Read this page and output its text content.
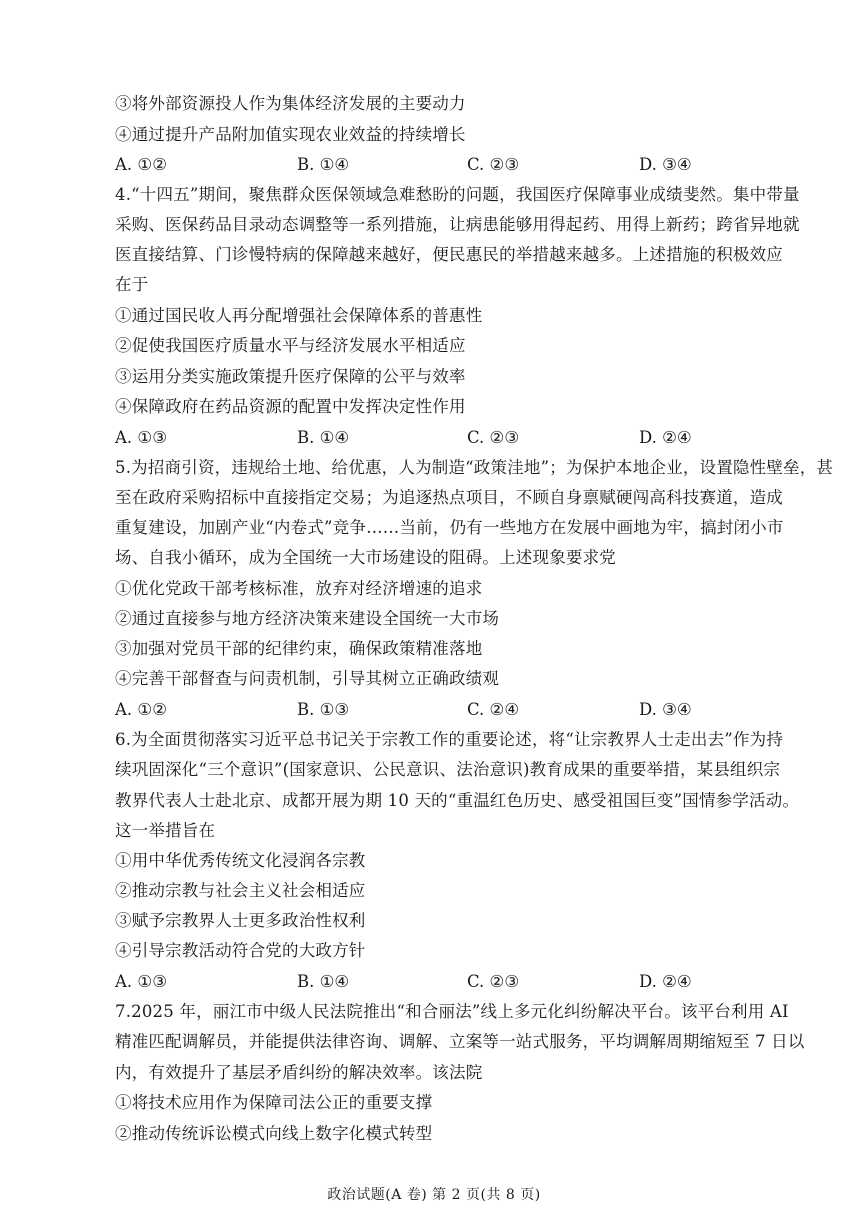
③将外部资源投人作为集体经济发展的主要动力
④通过提升产品附加值实现农业效益的持续增长
A. ①②	B. ①④	C. ②③	D. ③④
4.“十四五”期间，聚焦群众医保领域急难愁盼的问题，我国医疗保障事业成绩斐然。集中带量
采购、医保药品目录动态调整等一系列措施，让病患能够用得起药、用得上新药；跨省异地就
医直接结算、门诊慢特病的保障越来越好，便民惠民的举措越来越多。上述措施的积极效应
在于
①通过国民收人再分配增强社会保障体系的普惠性
②促使我国医疗质量水平与经济发展水平相适应
③运用分类实施政策提升医疗保障的公平与效率
④保障政府在药品资源的配置中发挥决定性作用
A. ①③	B. ①④	C. ②③	D. ②④
5.为招商引资，违规给土地、给优惠，人为制造“政策洼地”；为保护本地企业，设置隐性壁垒，甚
至在政府采购招标中直接指定交易；为追逐热点项目，不顾自身禀赋硬闯高科技赛道，造成
重复建设，加剧产业“内卷式”竞争……当前，仍有一些地方在发展中画地为牢，搞封闭小市
场、自我小循环，成为全国统一大市场建设的阻碍。上述现象要求党
①优化党政干部考核标准，放弃对经济增速的追求
②通过直接参与地方经济决策来建设全国统一大市场
③加强对党员干部的纪律约束，确保政策精准落地
④完善干部督查与问责机制，引导其树立正确政绩观
A. ①②	B. ①③	C. ②④	D. ③④
6.为全面贯彻落实习近平总书记关于宗教工作的重要论述，将“让宗教界人士走出去”作为持
续巩固深化“三个意识”(国家意识、公民意识、法治意识)教育成果的重要举措，某县组织宗
教界代表人士赴北京、成都开展为期 10 天的“重温红色历史、感受祖国巨变”国情参学活动。
这一举措旨在
①用中华优秀传统文化浸润各宗教
②推动宗教与社会主义社会相适应
③赋予宗教界人士更多政治性权利
④引导宗教活动符合党的大政方针
A. ①③	B. ①④	C. ②③	D. ②④
7.2025 年，丽江市中级人民法院推出“和合丽法”线上多元化纠纷解决平台。该平台利用 AI
精准匹配调解员，并能提供法律咨询、调解、立案等一站式服务，平均调解周期缩短至 7 日以
内，有效提升了基层矛盾纠纷的解决效率。该法院
①将技术应用作为保障司法公正的重要支撑
②推动传统诉讼模式向线上数字化模式转型
政治试题(A 卷) 第 2 页(共 8 页)
